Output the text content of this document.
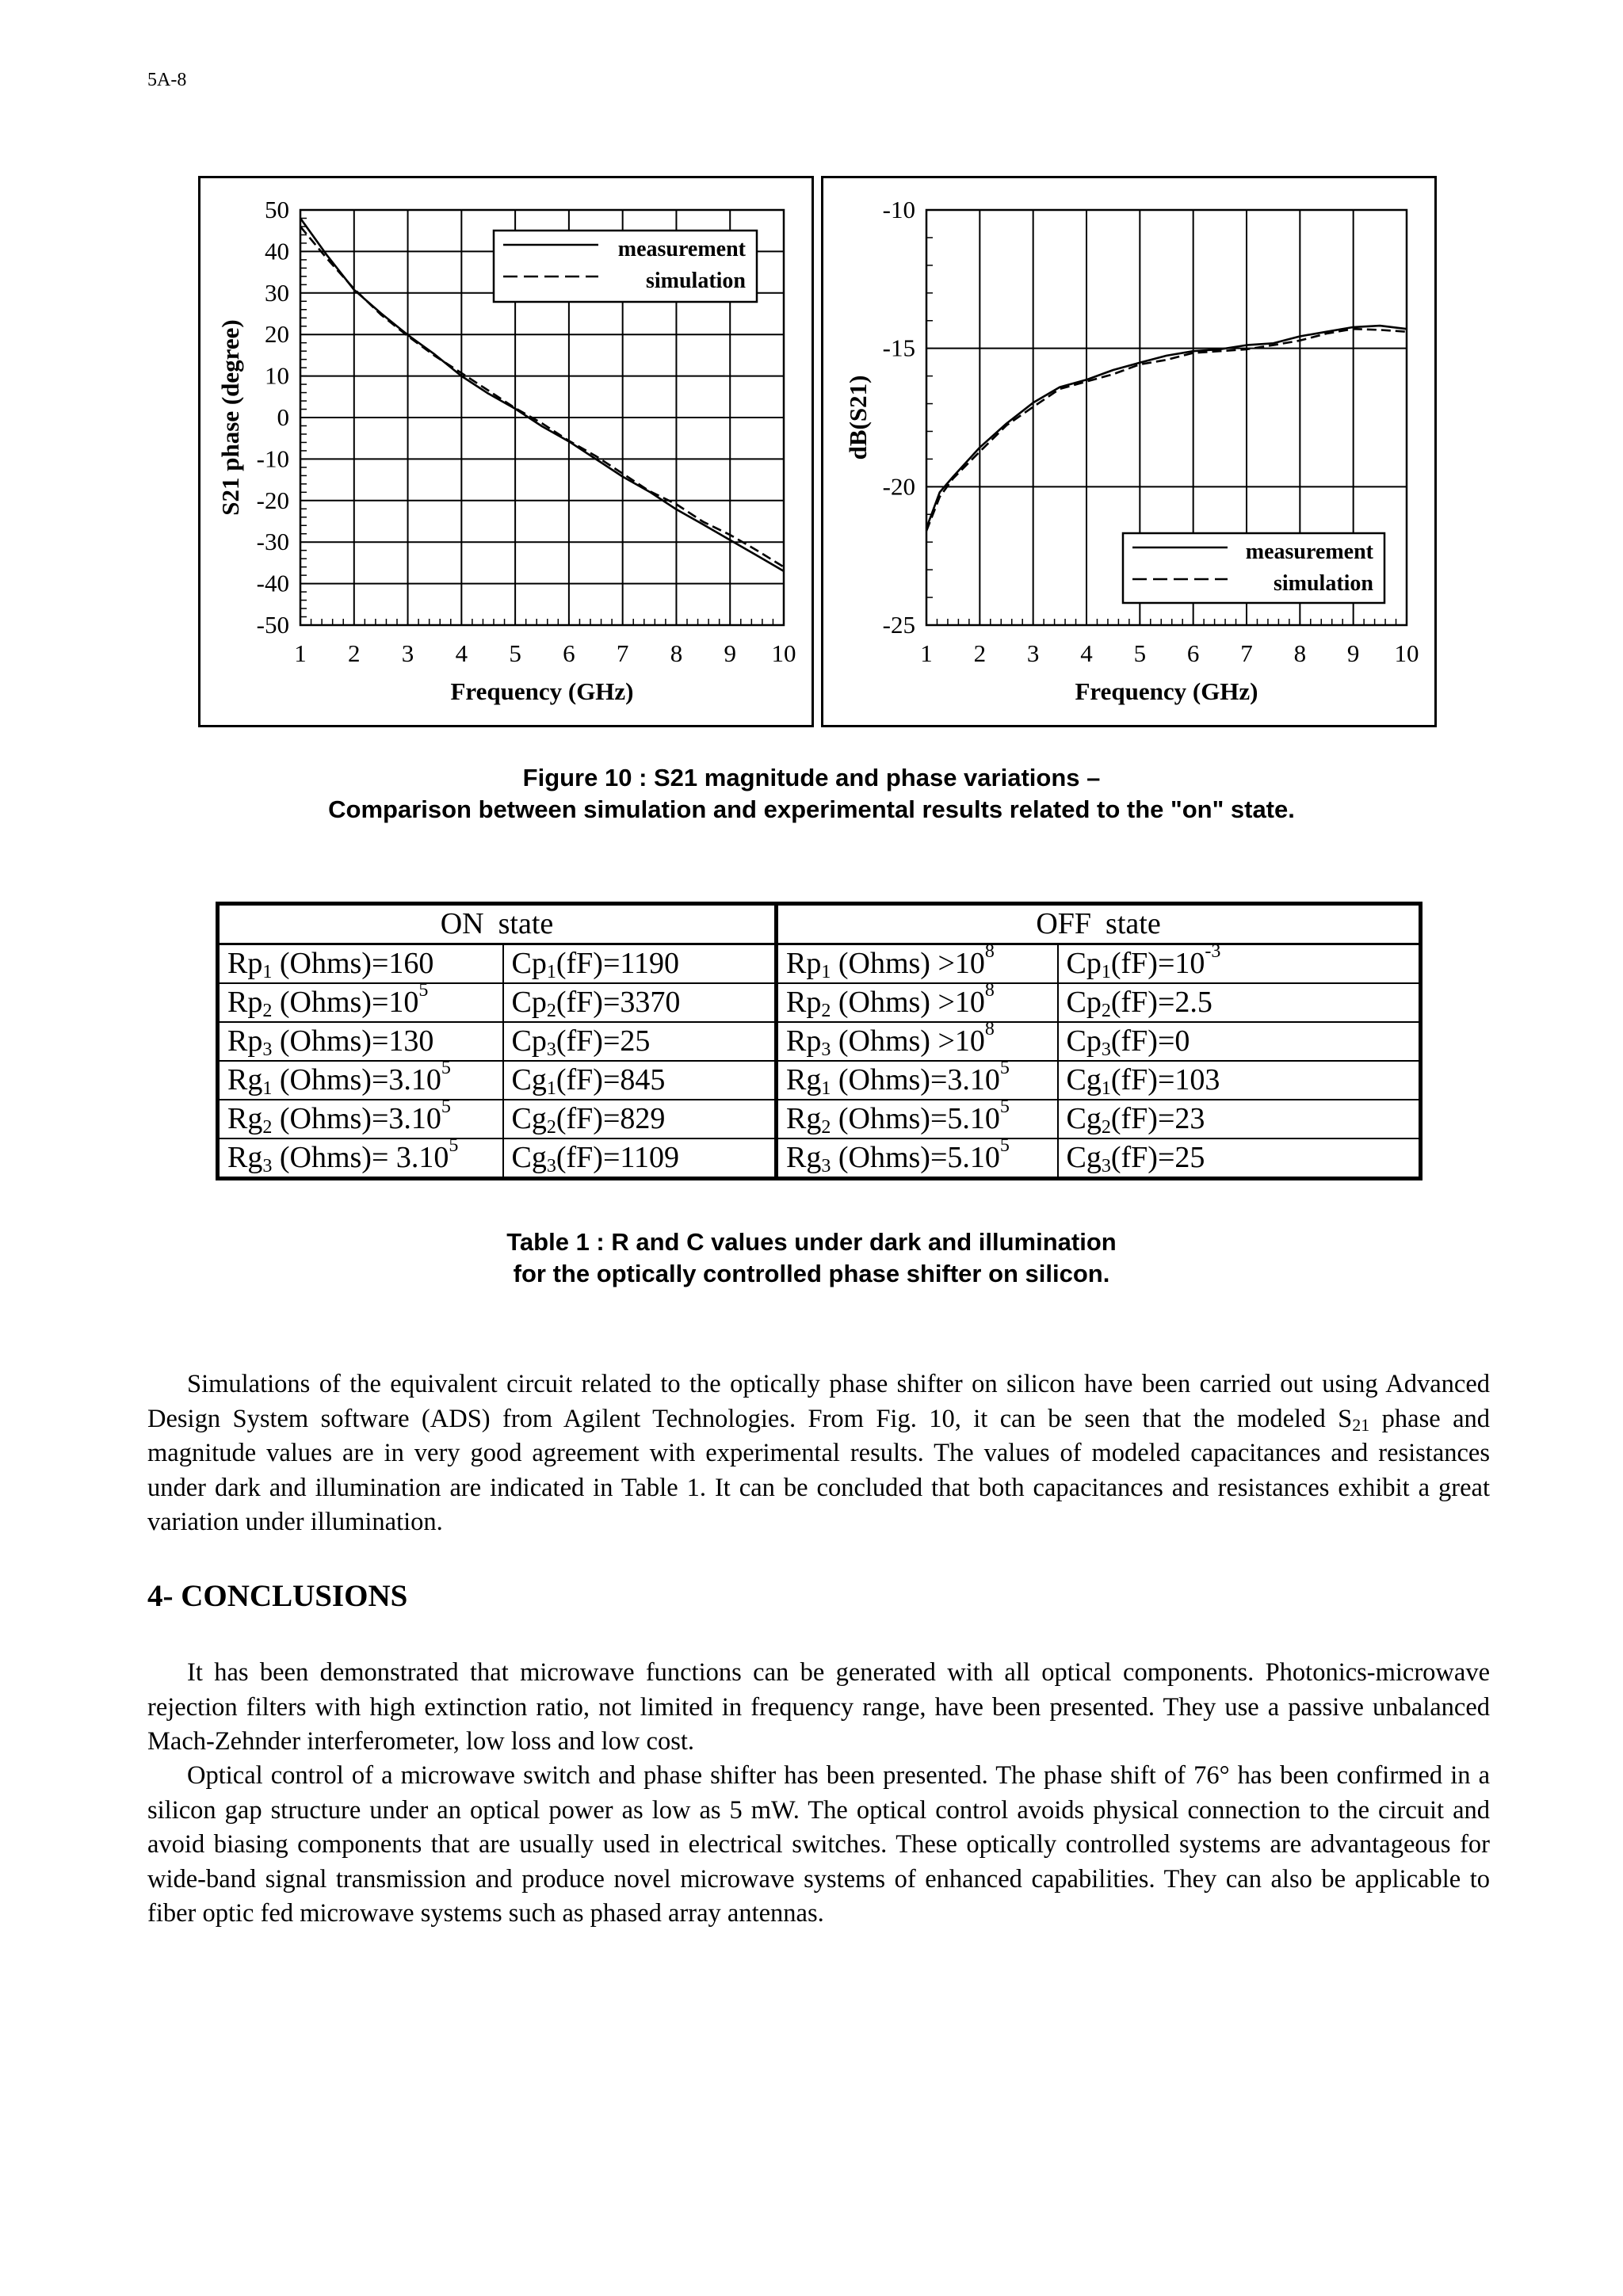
5A-8
1 2 3 4 5 6 7 8 9 10
50
40
30
20
10
0
-10
-20
-30
-40
-50
Frequency (GHz)
S21 phase (degree)
measurement
simulation
1 2 3 4 5 6 7 8 9 10
-10
-15
-20
-25
Frequency (GHz)
dB(S21)
measurement
simulation
Figure 10 : S21 magnitude and phase variations –
Comparison between simulation and experimental results related to the "on" state.
ON state		OFF state	
$Rp_1$ (Ohms)=160	$Cp_1(fF)=1190$	$Rp_1$ (Ohms) $>10^8$	$Cp_1(fF)=10^{-3}$
$Rp_2$ $(Ohms)=10^5$	$Cp_2(fF)=3370$	$Rp_2$ (Ohms) $>10^8$	$Cp_2(fF)=2.5$
$Rp_3$ (Ohms)=130	$Cp_3(fF)=25$	$Rp_3$ (Ohms) $>10^8$	$Cp_3(fF)=0$
$Rg_1$ $(Ohms)=3.10^5$	$Cg_1(fF)=845$	$Rg_1$ $(Ohms)=3.10^5$	$Cg_1(fF)=103$
$Rg_2$ $(Ohms)=3.10^5$	$Cg_2(fF)=829$	$Rg_2$ $(Ohms)=5.10^5$	$Cg_2(fF)=23$
$Rg_3$ (Ohms)= $3.10^5$	$Cg_3(fF)=1109$	$Rg_3$ $(Ohms)=5.10^5$	$Cg_3(fF)=25$
Table 1 : R and C values under dark and illumination
for the optically controlled phase shifter on silicon.
Simulations of the equivalent circuit related to the optically phase shifter on silicon have been carried out using Advanced Design System software (ADS) from Agilent Technologies. From Fig. 10, it can be seen that the modeled $S_{21}$ phase and magnitude values are in very good agreement with experimental results. The values of modeled capacitances and resistances under dark and illumination are indicated in Table 1. It can be concluded that both capacitances and resistances exhibit a great variation under illumination.
4- CONCLUSIONS
It has been demonstrated that microwave functions can be generated with all optical components. Photonics-microwave rejection filters with high extinction ratio, not limited in frequency range, have been presented. They use a passive unbalanced Mach-Zehnder interferometer, low loss and low cost.
Optical control of a microwave switch and phase shifter has been presented. The phase shift of 76° has been confirmed in a silicon gap structure under an optical power as low as 5 mW. The optical control avoids physical connection to the circuit and avoid biasing components that are usually used in electrical switches. These optically controlled systems are advantageous for wide-band signal transmission and produce novel microwave systems of enhanced capabilities. They can also be applicable to fiber optic fed microwave systems such as phased array antennas.
